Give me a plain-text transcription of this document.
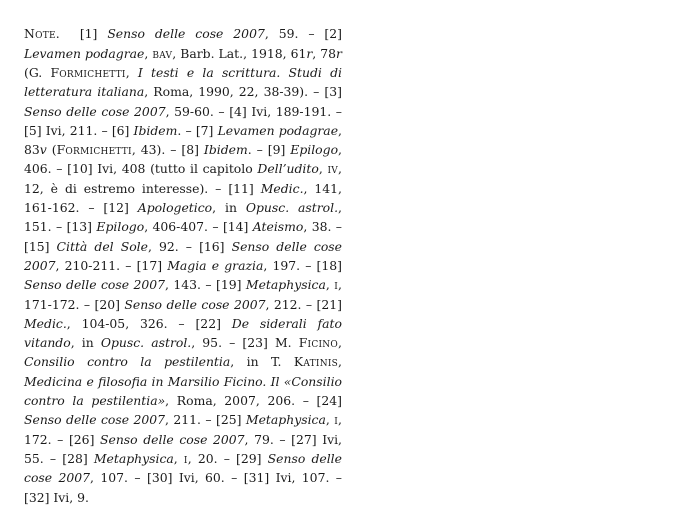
Note. [1] Senso delle cose 2007, 59. – [2] Levamen podagrae, bav, Barb. Lat., 1918, 61r, 78r (G. Formichetti, I testi e la scrittura. Studi di letteratura italiana, Roma, 1990, 22, 38-39). – [3] Senso delle cose 2007, 59-60. – [4] Ivi, 189-191. – [5] Ivi, 211. – [6] Ibidem. – [7] Levamen podagrae, 83v (Formichetti, 43). – [8] Ibidem. – [9] Epilogo, 406. – [10] Ivi, 408 (tutto il capitolo Dell’udito, iv, 12, è di estremo interesse). – [11] Medic., 141, 161-162. – [12] Apologetico, in Opusc. astrol., 151. – [13] Epilogo, 406-407. – [14] Ateismo, 38. – [15] Città del Sole, 92. – [16] Senso delle cose 2007, 210-211. – [17] Magia e grazia, 197. – [18] Senso delle cose 2007, 143. – [19] Metaphysica, i, 171-172. – [20] Senso delle cose 2007, 212. – [21] Medic., 104-05, 326. – [22] De siderali fato vitando, in Opusc. astrol., 95. – [23] M. Ficino, Consilio contro la pestilentia, in T. Katinis, Medicina e filosofia in Marsilio Ficino. Il «Consilio contro la pestilentia», Roma, 2007, 206. – [24] Senso delle cose 2007, 211. – [25] Metaphysica, i, 172. – [26] Senso delle cose 2007, 79. – [27] Ivi, 55. – [28] Metaphysica, i, 20. – [29] Senso delle cose 2007, 107. – [30] Ivi, 60. – [31] Ivi, 107. – [32] Ivi, 9.
